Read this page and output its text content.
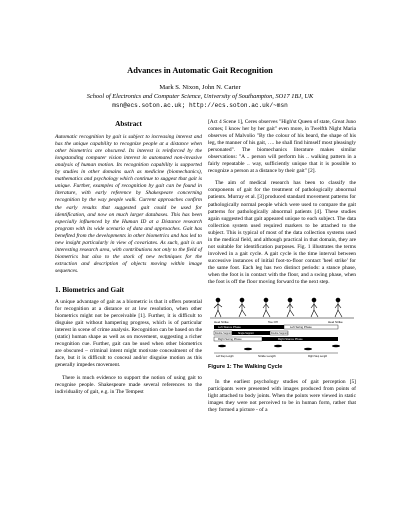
Advances in Automatic Gait Recognition
Mark S. Nixon, John N. Carter
School of Electronics and Computer Science, University of Southampton, SO17 1BJ, UK
msn@ecs.soton.ac.uk; http://ecs.soton.ac.uk/~msn
Abstract

Automatic recognition by gait is subject to increasing interest and has the unique capability to recognize people at a distance when other biometrics are obscured. Its interest is reinforced by the longstanding computer vision interest in automated non-invasive analysis of human motion. Its recognition capability is supported by studies in other domains such as medicine (biomechanics), mathematics and psychology which continue to suggest that gait is unique. Further, examples of recognition by gait can be found in literature, with early reference by Shakespeare concerning recognition by the way people walk. Current approaches confirm the early results that suggested gait could be used for identification, and now on much larger databases. This has been especially influenced by the Human ID at a Distance research program with its wide scenario of data and approaches. Gait has benefited from the developments in other biometrics and has led to new insight particularly in view of covariates. As such, gait is an interesting research area, with contributions not only to the field of biometrics but also to the stock of new techniques for the extraction and description of objects moving within image sequences.

1. Biometrics and Gait

A unique advantage of gait as a biometric is that it offers potential for recognition at a distance or at low resolution, when other biometrics might not be perceivable [1]. Further, it is difficult to disguise gait without hampering progress, which is of particular interest in scene of crime analysis. Recognition can be based on the (static) human shape as well as on movement, suggesting a richer recognition cue. Further, gait can be used when other biometrics are obscured – criminal intent might motivate concealment of the face, but it is difficult to conceal and/or disguise motion as this generally impedes movement.

There is much evidence to support the notion of using gait to recognise people. Shakespeare made several references to the individuality of gait, e.g. in The Tempest

[Act 4 Scene 1], Ceres observes "High'st Queen of state, Great Juno comes; I know her by her gait" even more, in Twelfth Night Maria observes of Malvolio "By the colour of his beard, the shape of his leg, the manner of his gait, …. he shall find himself most pleasingly personated". The biomechanics literature makes similar observations: "A .. person will perform his .. walking pattern in a fairly repeatable .. way, sufficiently unique that it is possible to recognize a person at a distance by their gait" [2].

The aim of medical research has been to classify the components of gait for the treatment of pathologically abnormal patients. Murray et al. [3] produced standard movement patterns for pathologically normal people which were used to compare the gait patterns for pathologically abnormal patients [4]. These studies again suggested that gait appeared unique to each subject. The data collection system used required markers to be attached to the subject. This is typical of most of the data collection systems used in the medical field, and although practical in that domain, they are not suitable for identification purposes. Fig. 1 illustrates the terms involved in a gait cycle. A gait cycle is the time interval between successive instances of initial foot-to-floor contact 'heel strike' for the same foot. Each leg has two distinct periods: a stance phase, when the foot is in contact with the floor, and a swing phase, when the foot is off the floor moving forward to the next step.

Heel Strike	Toe Off	Heel Strike
Left Stance Phase	Left Swing Phase
Double Support	Single Support	Double Support
Right Swing Phase	Right Stance Phase
Stride Length
Left Step Length	Right Step Length
Figure 1: The Walking Cycle

In the earliest psychology studies of gait perception [5] participants were presented with images produced from points of light attached to body joints. When the points were viewed in static images they were not perceived to be in human form, rather that they formed a picture - of a
